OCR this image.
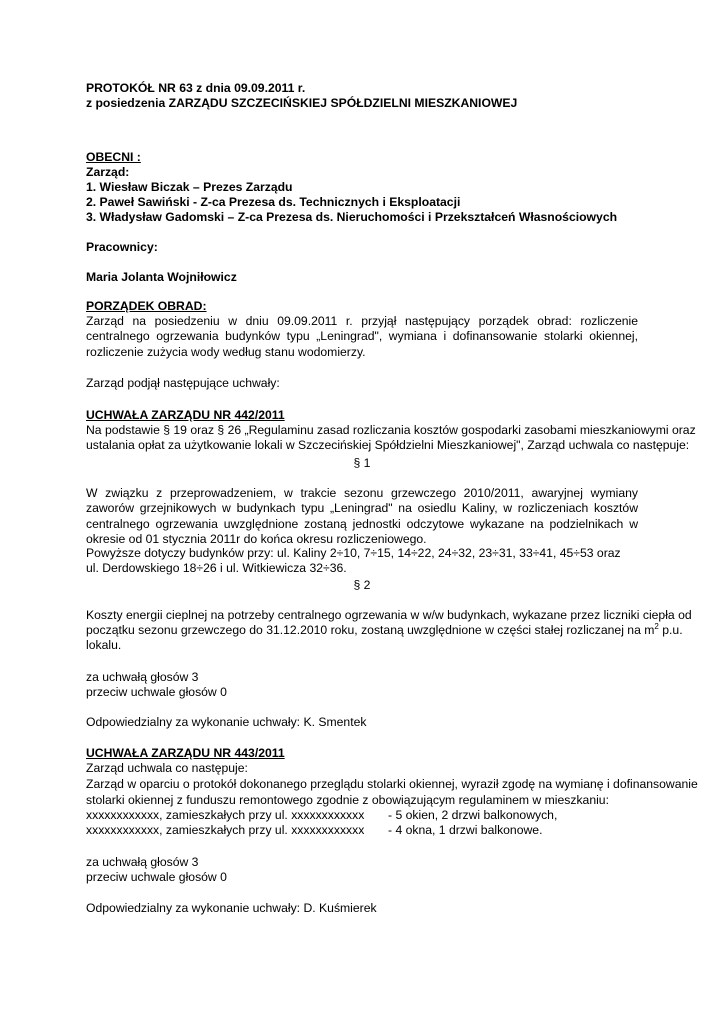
PROTOKÓŁ NR 63 z dnia 09.09.2011 r.
z posiedzenia ZARZĄDU SZCZECIŃSKIEJ SPÓŁDZIELNI MIESZKANIOWEJ
OBECNI :
Zarząd:
1. Wiesław Biczak – Prezes Zarządu
2. Paweł Sawiński - Z-ca Prezesa ds. Technicznych i Eksploatacji
3. Władysław Gadomski – Z-ca Prezesa ds. Nieruchomości i Przekształceń Własnościowych
Pracownicy:
Maria Jolanta Wojniłowicz
PORZĄDEK OBRAD:
Zarząd na posiedzeniu w dniu 09.09.2011 r. przyjął następujący porządek obrad: rozliczenie centralnego ogrzewania budynków typu „Leningrad", wymiana i dofinansowanie stolarki okiennej, rozliczenie zużycia wody według stanu wodomierzy.
Zarząd podjął następujące uchwały:
UCHWAŁA ZARZĄDU NR 442/2011
Na podstawie § 19 oraz § 26 „Regulaminu zasad rozliczania kosztów gospodarki zasobami mieszkaniowymi oraz
ustalania opłat za użytkowanie lokali w Szczecińskiej Spółdzielni Mieszkaniowej", Zarząd uchwala co następuje:
§ 1
W związku z przeprowadzeniem, w trakcie sezonu grzewczego 2010/2011, awaryjnej wymiany zaworów grzejnikowych w budynkach typu „Leningrad" na osiedlu Kaliny, w rozliczeniach kosztów centralnego ogrzewania uwzględnione zostaną jednostki odczytowe wykazane na podzielnikach w okresie od 01 stycznia 2011r do końca okresu rozliczeniowego.
Powyższe dotyczy budynków przy: ul. Kaliny 2÷10, 7÷15, 14÷22, 24÷32, 23÷31, 33÷41, 45÷53 oraz
ul. Derdowskiego 18÷26 i ul. Witkiewicza 32÷36.
§ 2
Koszty energii cieplnej na potrzeby centralnego ogrzewania w w/w budynkach, wykazane przez liczniki ciepła od
początku sezonu grzewczego do 31.12.2010 roku, zostaną uwzględnione w części stałej rozliczanej na $m^2$ p.u.
lokalu.
za uchwałą głosów 3
przeciw uchwale głosów 0
Odpowiedzialny za wykonanie uchwały: K. Smentek
UCHWAŁA ZARZĄDU NR 443/2011
Zarząd uchwala co następuje:
Zarząd w oparciu o protokół dokonanego przeglądu stolarki okiennej, wyraził zgodę na wymianę i dofinansowanie
stolarki okiennej z funduszu remontowego zgodnie z obowiązującym regulaminem w mieszkaniu:
xxxxxxxxxxxx, zamieszkałych przy ul. xxxxxxxxxxxx - 5 okien, 2 drzwi balkonowych,
xxxxxxxxxxxx, zamieszkałych przy ul. xxxxxxxxxxxx - 4 okna, 1 drzwi balkonowe.
za uchwałą głosów 3
przeciw uchwale głosów 0
Odpowiedzialny za wykonanie uchwały: D. Kuśmierek
